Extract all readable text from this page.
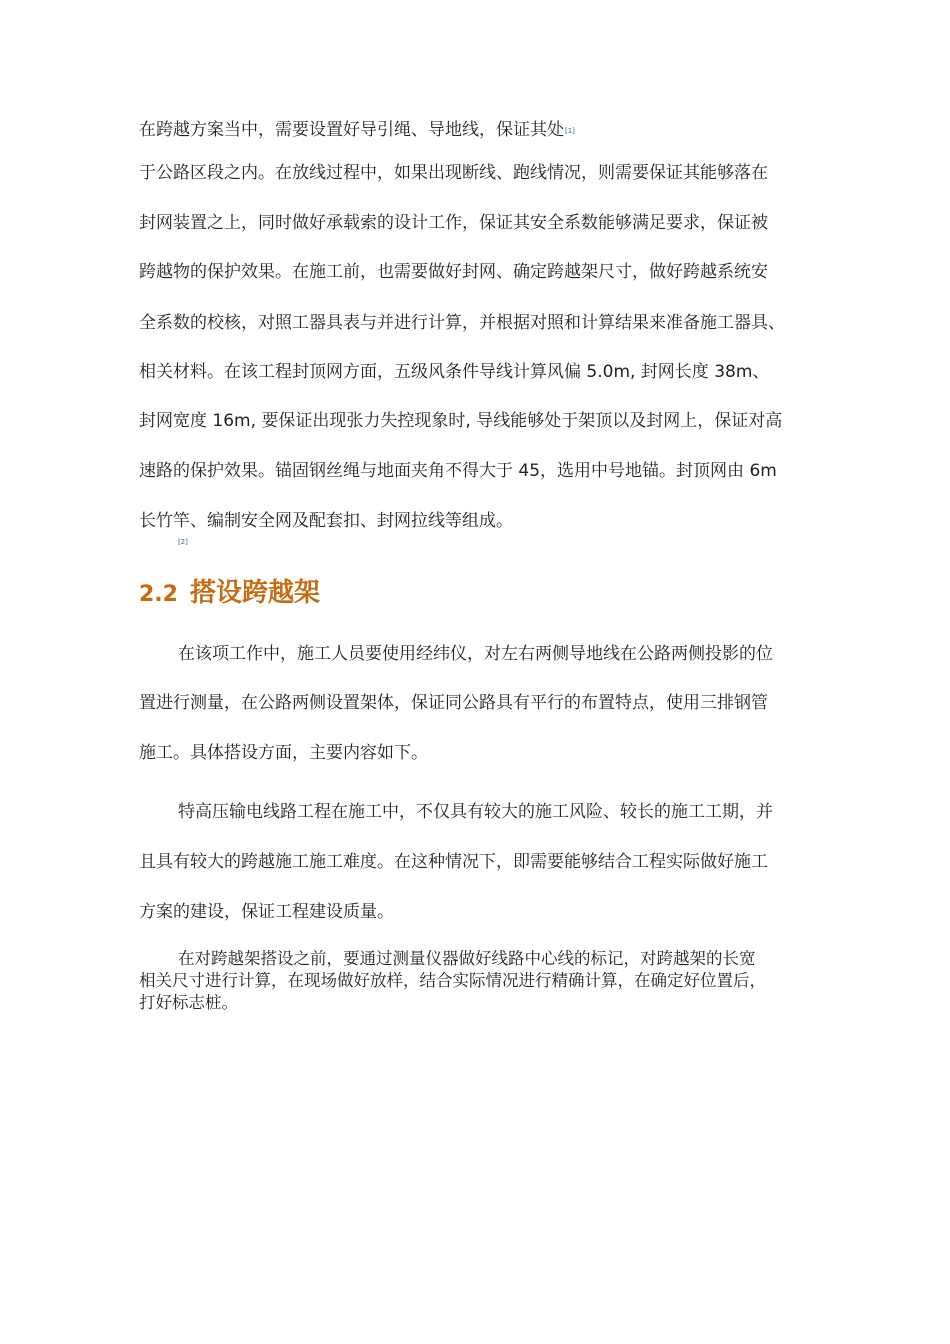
在跨越方案当中，需要设置好导引绳、导地线，保证其处[1]
于公路区段之内。在放线过程中，如果出现断线、跑线情况，则需要保证其能够落在
封网装置之上，同时做好承载索的设计工作，保证其安全系数能够满足要求，保证被
跨越物的保护效果。在施工前，也需要做好封网、确定跨越架尺寸，做好跨越系统安
全系数的校核，对照工器具表与并进行计算，并根据对照和计算结果来准备施工器具、
相关材料。在该工程封顶网方面，五级风条件导线计算风偏 5.0m, 封网长度 38m、
封网宽度 16m, 要保证出现张力失控现象时, 导线能够处于架顶以及封网上，保证对高
速路的保护效果。锚固钢丝绳与地面夹角不得大于 45，选用中号地锚。封顶网由 6m
长竹竿、编制安全网及配套扣、封网拉线等组成。
[2]
2.2 搭设跨越架
在该项工作中，施工人员要使用经纬仪，对左右两侧导地线在公路两侧投影的位
置进行测量，在公路两侧设置架体，保证同公路具有平行的布置特点，使用三排钢管
施工。具体搭设方面，主要内容如下。
特高压输电线路工程在施工中，不仅具有较大的施工风险、较长的施工工期，并
且具有较大的跨越施工施工难度。在这种情况下，即需要能够结合工程实际做好施工
方案的建设，保证工程建设质量。
在对跨越架搭设之前，要通过测量仪器做好线路中心线的标记，对跨越架的长宽
相关尺寸进行计算，在现场做好放样，结合实际情况进行精确计算，在确定好位置后，
打好标志桩。
